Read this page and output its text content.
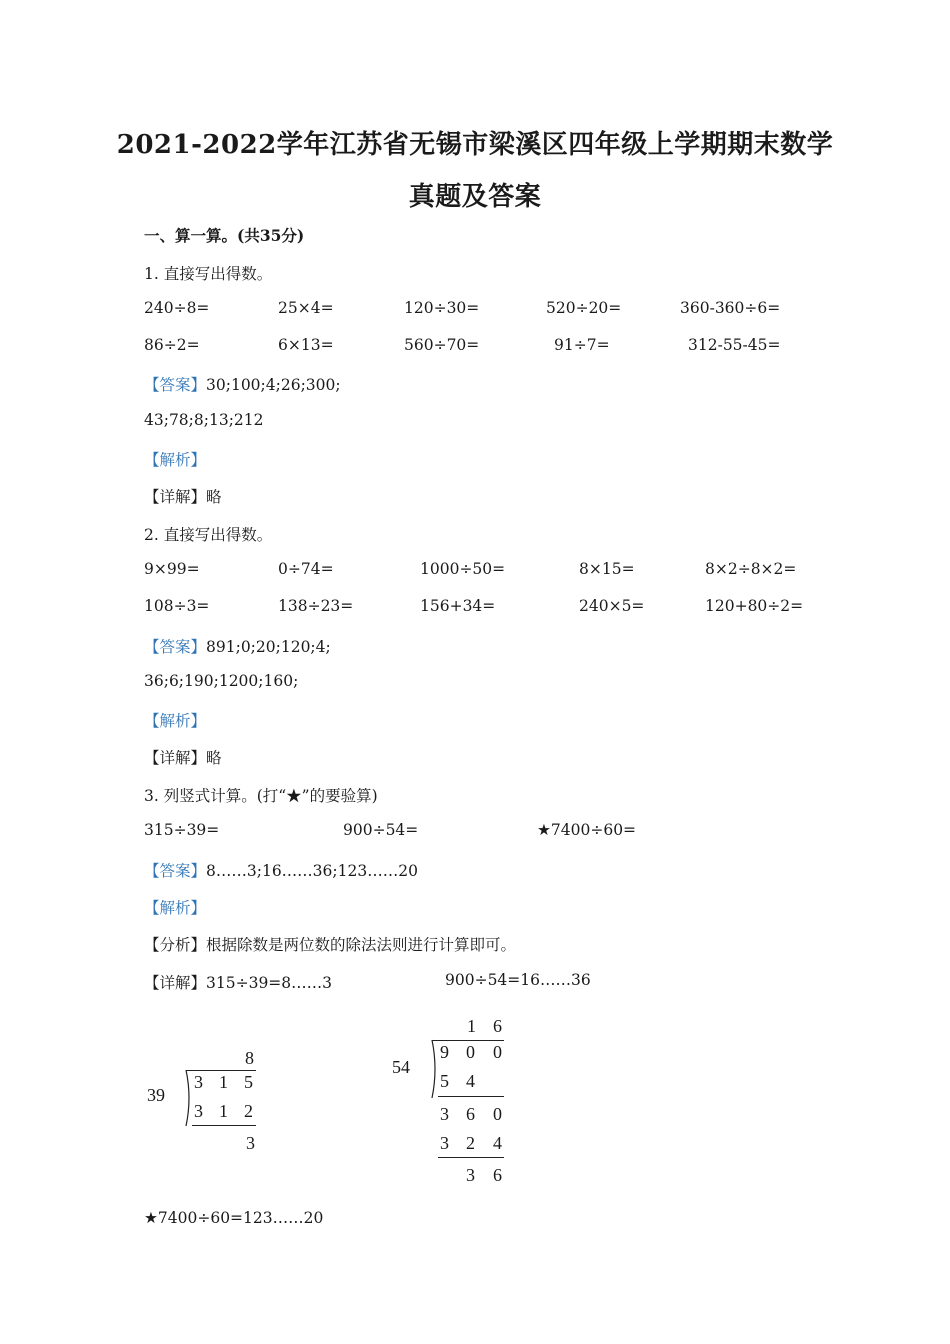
2021-2022学年江苏省无锡市梁溪区四年级上学期期末数学
真题及答案
一、算一算。(共35分)
1. 直接写出得数。
240÷8=	25×4=	120÷30=	520÷20=	360-360÷6=
86÷2=	6×13=	560÷70=	91÷7=	312-55-45=
【答案】30;100;4;26;300;
43;78;8;13;212
【解析】
【详解】略
2. 直接写出得数。
9×99=	0÷74=	1000÷50=	8×15=	8×2÷8×2=
108÷3=	138÷23=	156+34=	240×5=	120+80÷2=
【答案】891;0;20;120;4;
36;6;190;1200;160;
【解析】
【详解】略
3. 列竖式计算。(打“★”的要验算)
315÷39=	900÷54=	★7400÷60=
【答案】8……3;16……36;123……20
【解析】
【分析】根据除数是两位数的除法法则进行计算即可。
【详解】315÷39=8……3	900÷54=16……36
39
8
3 1 5
3 1 2
3
54
1 6
9 0 0
5 4
3 6 0
3 2 4
3 6
★7400÷60=123……20
